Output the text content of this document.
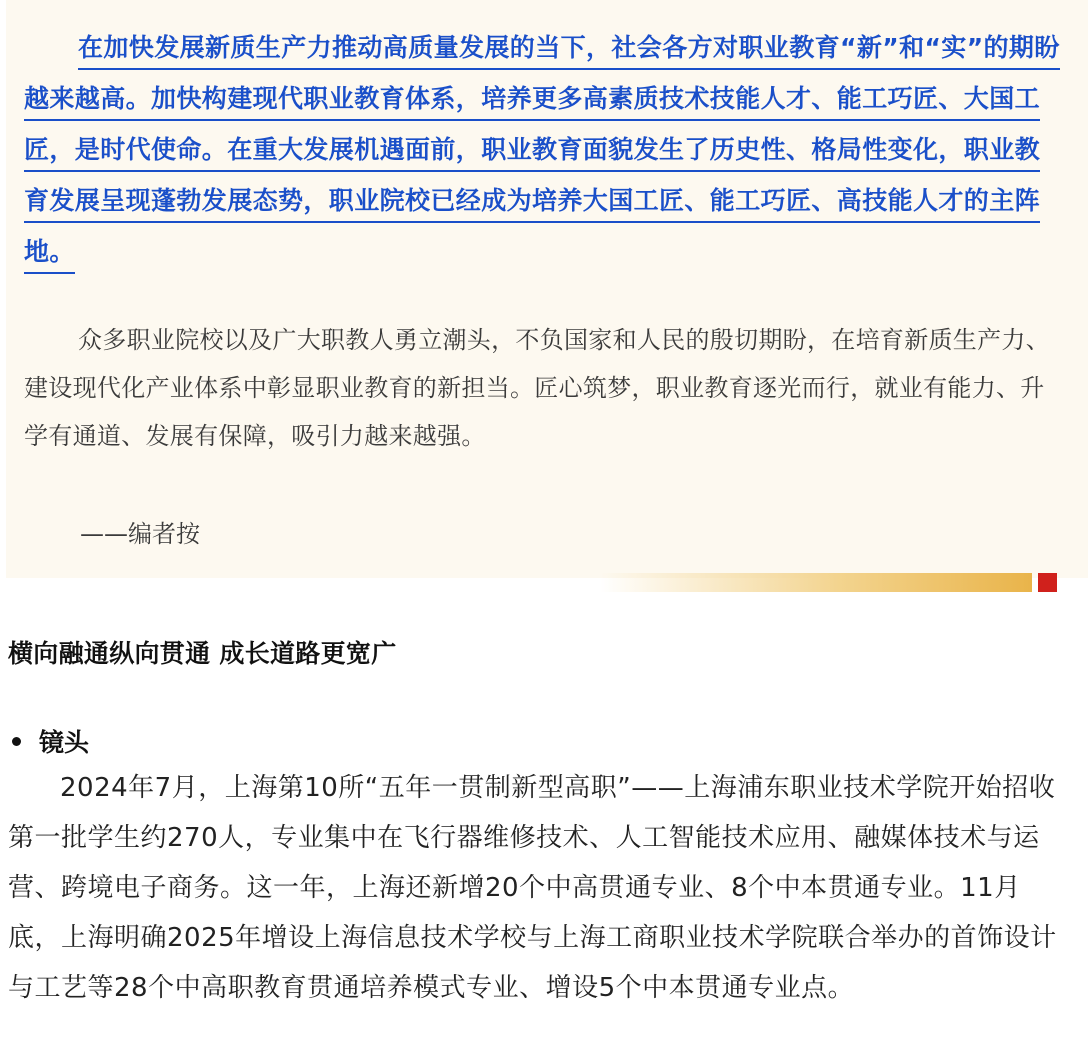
在加快发展新质生产力推动高质量发展的当下，社会各方对职业教育“新”和“实”的期盼越来越高。加快构建现代职业教育体系，培养更多高素质技术技能人才、能工巧匠、大国工匠，是时代使命。在重大发展机遇面前，职业教育面貌发生了历史性、格局性变化，职业教育发展呈现蓬勃发展态势，职业院校已经成为培养大国工匠、能工巧匠、高技能人才的主阵地。

众多职业院校以及广大职教人勇立潮头，不负国家和人民的殷切期盼，在培育新质生产力、建设现代化产业体系中彰显职业教育的新担当。匠心筑梦，职业教育逐光而行，就业有能力、升学有通道、发展有保障，吸引力越来越强。

——编者按

横向融通纵向贯通 成长道路更宽广
镜头

2024年7月，上海第10所“五年一贯制新型高职”——上海浦东职业技术学院开始招收第一批学生约270人，专业集中在飞行器维修技术、人工智能技术应用、融媒体技术与运营、跨境电子商务。这一年，上海还新增20个中高贯通专业、8个中本贯通专业。11月底，上海明确2025年增设上海信息技术学校与上海工商职业技术学院联合举办的首饰设计与工艺等28个中高职教育贯通培养模式专业、增设5个中本贯通专业点。
